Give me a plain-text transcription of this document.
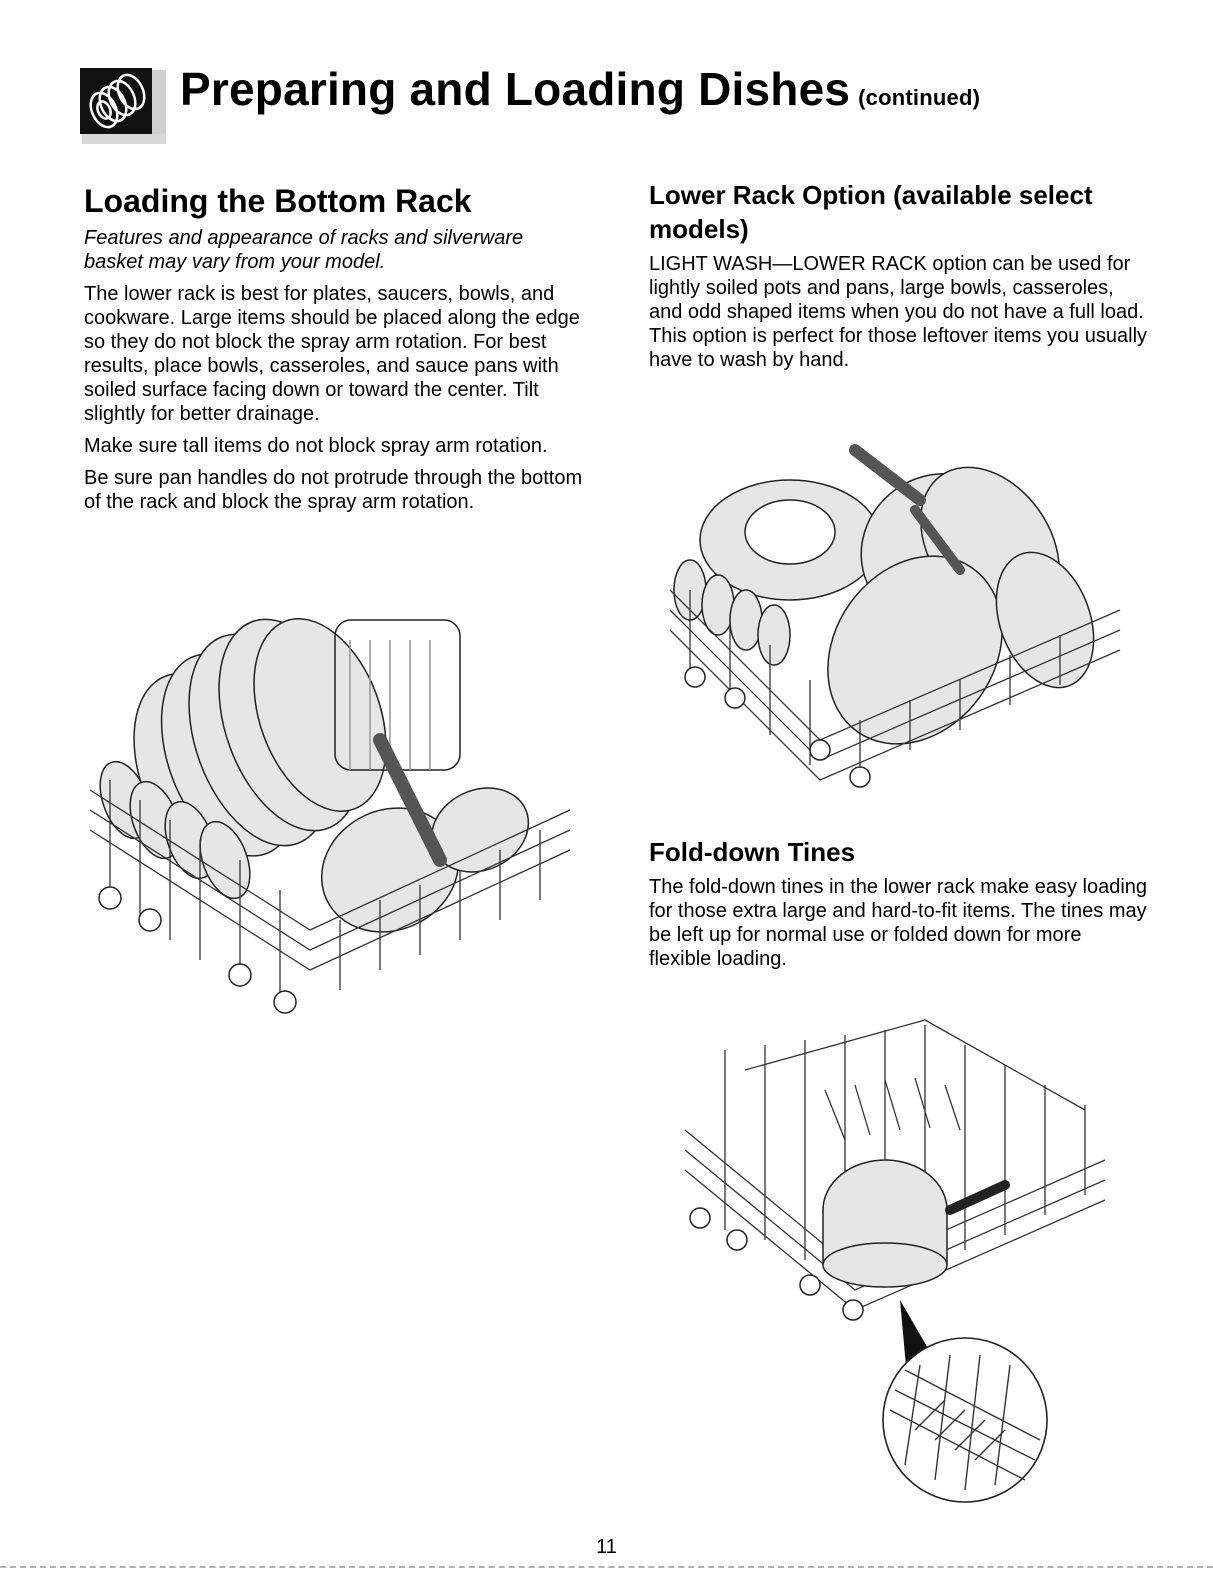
Preparing and Loading Dishes (continued)
Loading the Bottom Rack

Features and appearance of racks and silverware basket may vary from your model.

The lower rack is best for plates, saucers, bowls, and cookware. Large items should be placed along the edge so they do not block the spray arm rotation. For best results, place bowls, casseroles, and sauce pans with soiled surface facing down or toward the center. Tilt slightly for better drainage.

Make sure tall items do not block spray arm rotation.

Be sure pan handles do not protrude through the bottom of the rack and block the spray arm rotation.

Lower Rack Option (available select models)

LIGHT WASH—LOWER RACK option can be used for lightly soiled pots and pans, large bowls, casseroles, and odd shaped items when you do not have a full load. This option is perfect for those leftover items you usually have to wash by hand.

Fold-down Tines

The fold-down tines in the lower rack make easy loading for those extra large and hard-to-fit items. The tines may be left up for normal use or folded down for more flexible loading.

11
